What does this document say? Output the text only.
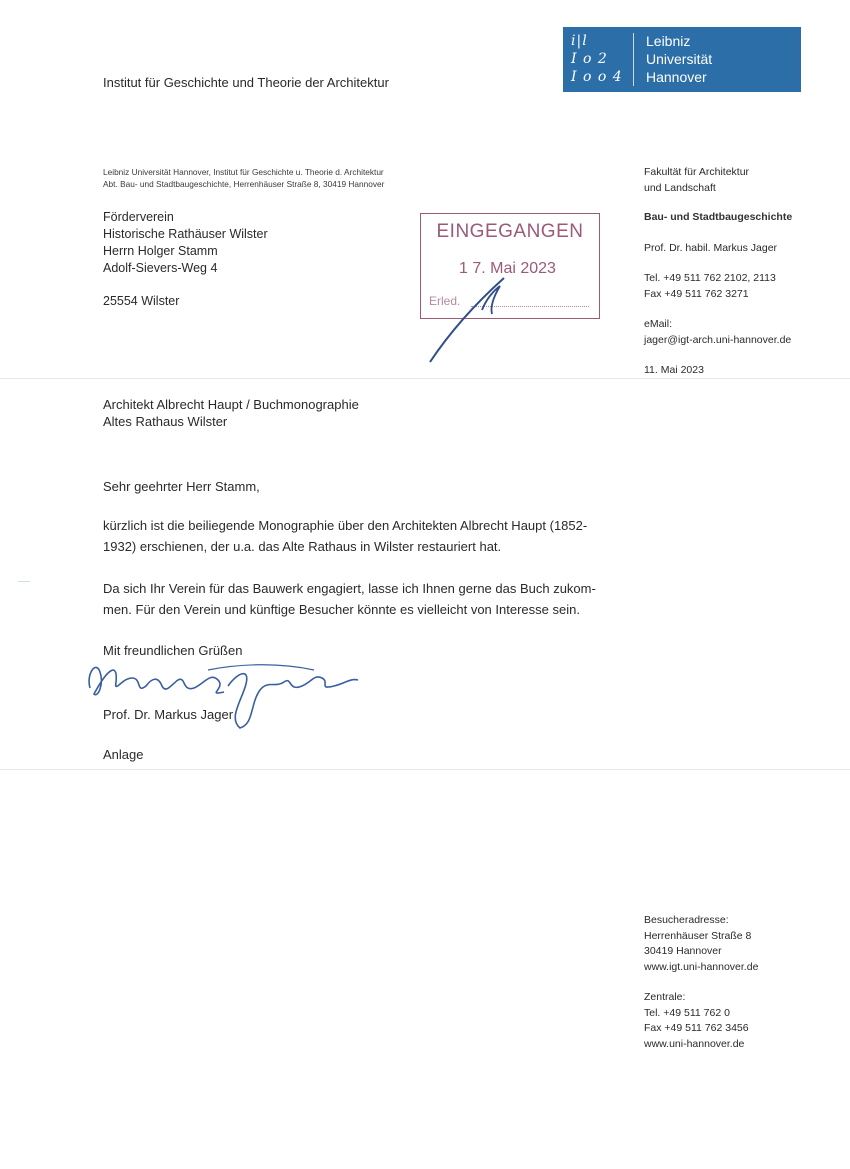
Institut für Geschichte und Theorie der Architektur
i|l
I o 2
I o o 4
Leibniz
Universität
Hannover
Leibniz Universität Hannover, Institut für Geschichte u. Theorie d. Architektur
Abt. Bau- und Stadtbaugeschichte, Herrenhäuser Straße 8, 30419 Hannover
Förderverein
Historische Rathäuser Wilster
Herrn Holger Stamm
Adolf-Sievers-Weg 4
25554 Wilster
Fakultät für Architektur
und Landschaft
Bau- und Stadtbaugeschichte
Prof. Dr. habil. Markus Jager
Tel. +49 511 762 2102, 2113
Fax +49 511 762 3271
eMail:
jager@igt-arch.uni-hannover.de
11. Mai 2023
EINGEGANGEN
1 7. Mai 2023
Erled.
Architekt Albrecht Haupt / Buchmonographie
Altes Rathaus Wilster
Sehr geehrter Herr Stamm,
kürzlich ist die beiliegende Monographie über den Architekten Albrecht Haupt (1852-
1932) erschienen, der u.a. das Alte Rathaus in Wilster restauriert hat.
Da sich Ihr Verein für das Bauwerk engagiert, lasse ich Ihnen gerne das Buch zukom-
men. Für den Verein und künftige Besucher könnte es vielleicht von Interesse sein.
Mit freundlichen Grüßen
Prof. Dr. Markus Jager
Anlage
Besucheradresse:
Herrenhäuser Straße 8
30419 Hannover
www.igt.uni-hannover.de
Zentrale:
Tel. +49 511 762 0
Fax +49 511 762 3456
www.uni-hannover.de
